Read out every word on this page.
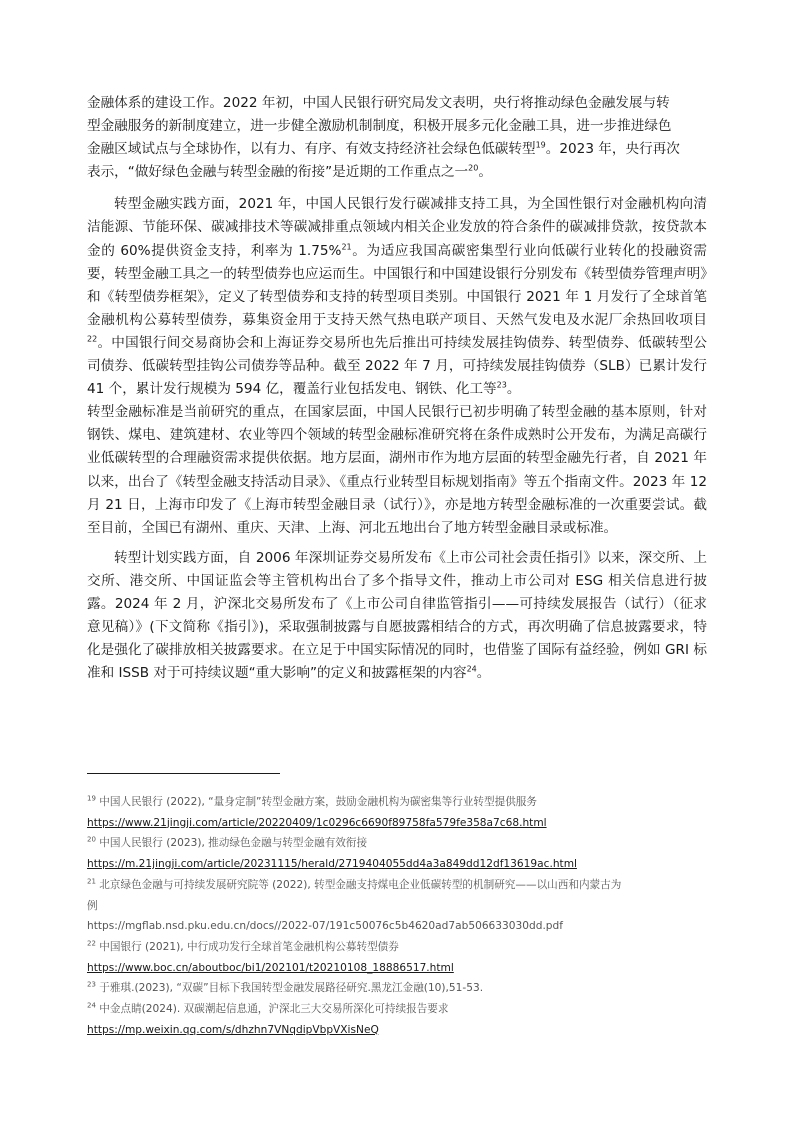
金融体系的建设工作。2022 年初，中国人民银行研究局发文表明，央行将推动绿色金融发展与转
型金融服务的新制度建立，进一步健全激励机制制度，积极开展多元化金融工具，进一步推进绿色
金融区域试点与全球协作，以有力、有序、有效支持经济社会绿色低碳转型$^{19}$。2023 年，央行再次
表示，“做好绿色金融与转型金融的衔接”是近期的工作重点之一$^{20}$。

转型金融实践方面，2021 年，中国人民银行发行碳减排支持工具，为全国性银行对金融机构向清洁能源、节能环保、碳减排技术等碳减排重点领域内相关企业发放的符合条件的碳减排贷款，按贷款本金的 60%提供资金支持，利率为 1.75%$^{21}$。为适应我国高碳密集型行业向低碳行业转化的投融资需要，转型金融工具之一的转型债券也应运而生。中国银行和中国建设银行分别发布《转型债券管理声明》和《转型债券框架》，定义了转型债券和支持的转型项目类别。中国银行 2021 年 1 月发行了全球首笔金融机构公募转型债券，募集资金用于支持天然气热电联产项目、天然气发电及水泥厂余热回收项目$^{22}$。中国银行间交易商协会和上海证券交易所也先后推出可持续发展挂钩债券、转型债券、低碳转型公司债券、低碳转型挂钩公司债券等品种。截至 2022 年 7 月，可持续发展挂钩债券（SLB）已累计发行 41 个，累计发行规模为 594 亿，覆盖行业包括发电、钢铁、化工等$^{23}$。

转型金融标准是当前研究的重点，在国家层面，中国人民银行已初步明确了转型金融的基本原则，针对钢铁、煤电、建筑建材、农业等四个领域的转型金融标准研究将在条件成熟时公开发布，为满足高碳行业低碳转型的合理融资需求提供依据。地方层面，湖州市作为地方层面的转型金融先行者，自 2021 年以来，出台了《转型金融支持活动目录》、《重点行业转型目标规划指南》等五个指南文件。2023 年 12 月 21 日，上海市印发了《上海市转型金融目录（试行）》，亦是地方转型金融标准的一次重要尝试。截至目前，全国已有湖州、重庆、天津、上海、河北五地出台了地方转型金融目录或标准。

转型计划实践方面，自 2006 年深圳证券交易所发布《上市公司社会责任指引》以来，深交所、上交所、港交所、中国证监会等主管机构出台了多个指导文件，推动上市公司对 ESG 相关信息进行披露。2024 年 2 月，沪深北交易所发布了《上市公司自律监管指引——可持续发展报告（试行）（征求意见稿）》(下文简称《指引》)，采取强制披露与自愿披露相结合的方式，再次明确了信息披露要求，特化是强化了碳排放相关披露要求。在立足于中国实际情况的同时，也借鉴了国际有益经验，例如 GRI 标准和 ISSB 对于可持续议题“重大影响”的定义和披露框架的内容$^{24}$。

$^{19}$ 中国人民银行 (2022), “量身定制”转型金融方案，鼓励金融机构为碳密集等行业转型提供服务

https://www.21jingji.com/article/20220409/1c0296c6690f89758fa579fe358a7c68.html

$^{20}$ 中国人民银行 (2023), 推动绿色金融与转型金融有效衔接

https://m.21jingji.com/article/20231115/herald/2719404055dd4a3a849dd12df13619ac.html

$^{21}$ 北京绿色金融与可持续发展研究院等 (2022), 转型金融支持煤电企业低碳转型的机制研究——以山西和内蒙古为

例

https://mgflab.nsd.pku.edu.cn/docs//2022-07/191c50076c5b4620ad7ab506633030dd.pdf

$^{22}$ 中国银行 (2021), 中行成功发行全球首笔金融机构公募转型债券

https://www.boc.cn/aboutboc/bi1/202101/t20210108_18886517.html

$^{23}$ 于雅琪.(2023), “双碳”目标下我国转型金融发展路径研究.黑龙江金融(10),51-53.

$^{24}$ 中金点睛(2024). 双碳潮起信息通，沪深北三大交易所深化可持续报告要求

https://mp.weixin.qq.com/s/dhzhn7VNqdipVbpVXisNeQ
